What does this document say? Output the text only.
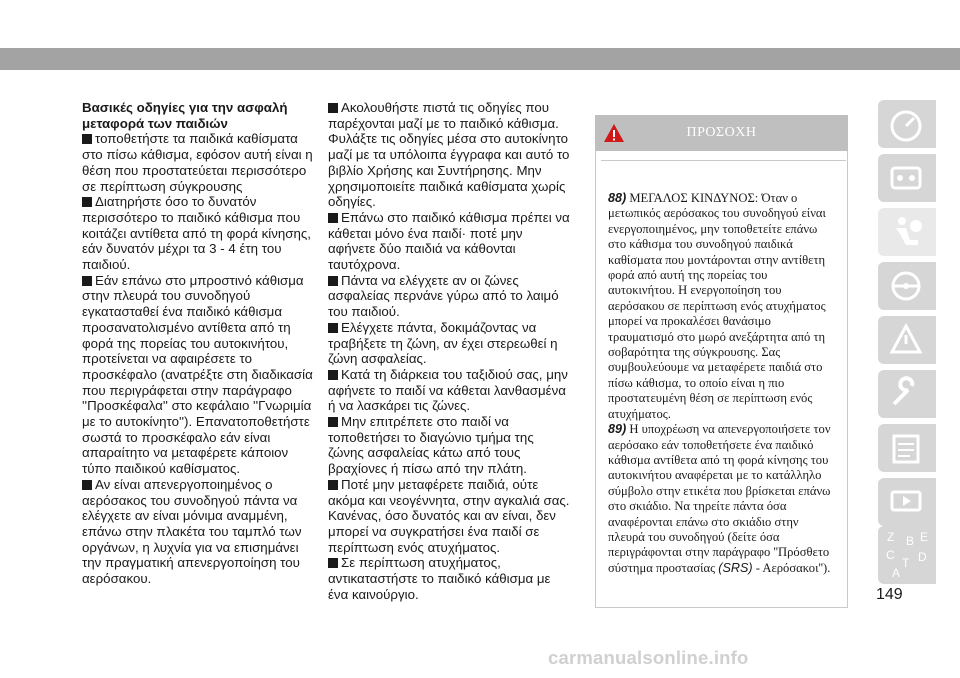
Βασικές οδηγίες για την ασφαλή μεταφορά των παιδιών

τοποθετήστε τα παιδικά καθίσματα στο πίσω κάθισμα, εφόσον αυτή είναι η θέση που προστατεύεται περισσότερο σε περίπτωση σύγκρουσης

Διατηρήστε όσο το δυνατόν περισσότερο το παιδικό κάθισμα που κοιτάζει αντίθετα από τη φορά κίνησης, εάν δυνατόν μέχρι τα 3 - 4 έτη του παιδιού.

Εάν επάνω στο μπροστινό κάθισμα στην πλευρά του συνοδηγού εγκατασταθεί ένα παιδικό κάθισμα προσανατολισμένο αντίθετα από τη φορά της πορείας του αυτοκινήτου, προτείνεται να αφαιρέσετε το προσκέφαλο (ανατρέξτε στη διαδικασία που περιγράφεται στην παράγραφο ''Προσκέφαλα'' στο κεφάλαιο ''Γνωριμία με το αυτοκίνητο''). Επανατοποθετήστε σωστά το προσκέφαλο εάν είναι απαραίτητο να μεταφέρετε κάποιον τύπο παιδικού καθίσματος.

Αν είναι απενεργοποιημένος ο αερόσακος του συνοδηγού πάντα να ελέγχετε αν είναι μόνιμα αναμμένη, επάνω στην πλακέτα του ταμπλό των οργάνων, η λυχνία για να επισημάνει την πραγματική απενεργοποίηση του αερόσακου.

Ακολουθήστε πιστά τις οδηγίες που παρέχονται μαζί με το παιδικό κάθισμα. Φυλάξτε τις οδηγίες μέσα στο αυτοκίνητο μαζί με τα υπόλοιπα έγγραφα και αυτό το βιβλίο Χρήσης και Συντήρησης. Μην χρησιμοποιείτε παιδικά καθίσματα χωρίς οδηγίες.

Επάνω στο παιδικό κάθισμα πρέπει να κάθεται μόνο ένα παιδί· ποτέ μην αφήνετε δύο παιδιά να κάθονται ταυτόχρονα.

Πάντα να ελέγχετε αν οι ζώνες ασφαλείας περνάνε γύρω από το λαιμό του παιδιού.

Ελέγχετε πάντα, δοκιμάζοντας να τραβήξετε τη ζώνη, αν έχει στερεωθεί η ζώνη ασφαλείας.

Κατά τη διάρκεια του ταξιδιού σας, μην αφήνετε το παιδί να κάθεται λανθασμένα ή να λασκάρει τις ζώνες.

Μην επιτρέπετε στο παιδί να τοποθετήσει το διαγώνιο τμήμα της ζώνης ασφαλείας κάτω από τους βραχίονες ή πίσω από την πλάτη.

Ποτέ μην μεταφέρετε παιδιά, ούτε ακόμα και νεογέννητα, στην αγκαλιά σας. Κανένας, όσο δυνατός και αν είναι, δεν μπορεί να συγκρατήσει ένα παιδί σε περίπτωση ενός ατυχήματος.

Σε περίπτωση ατυχήματος, αντικαταστήστε το παιδικό κάθισμα με ένα καινούργιο.

ΠΡΟΣΟΧΗ

88) ΜΕΓΑΛΟΣ ΚΙΝΔΥΝΟΣ: Όταν ο μετωπικός αερόσακος του συνοδηγού είναι ενεργοποιημένος, μην τοποθετείτε επάνω στο κάθισμα του συνοδηγού παιδικά καθίσματα που μοντάρονται στην αντίθετη φορά από αυτή της πορείας του αυτοκινήτου. Η ενεργοποίηση του αερόσακου σε περίπτωση ενός ατυχήματος μπορεί να προκαλέσει θανάσιμο τραυματισμό στο μωρό ανεξάρτητα από τη σοβαρότητα της σύγκρουσης. Σας συμβουλεύουμε να μεταφέρετε παιδιά στο πίσω κάθισμα, το οποίο είναι η πιο προστατευμένη θέση σε περίπτωση ενός ατυχήματος.

89) Η υποχρέωση να απενεργοποιήσετε τον αερόσακο εάν τοποθετήσετε ένα παιδικό κάθισμα αντίθετα από τη φορά κίνησης του αυτοκινήτου αναφέρεται με το κατάλληλο σύμβολο στην ετικέτα που βρίσκεται επάνω στο σκιάδιο. Να τηρείτε πάντα όσα αναφέρονται επάνω στο σκιάδιο στην πλευρά του συνοδηγού (δείτε όσα περιγράφονται στην παράγραφο ''Πρόσθετο σύστημα προστασίας (SRS) - Αερόσακοι'').

Z B E
C
T D
A
149
carmanualsonline.info
